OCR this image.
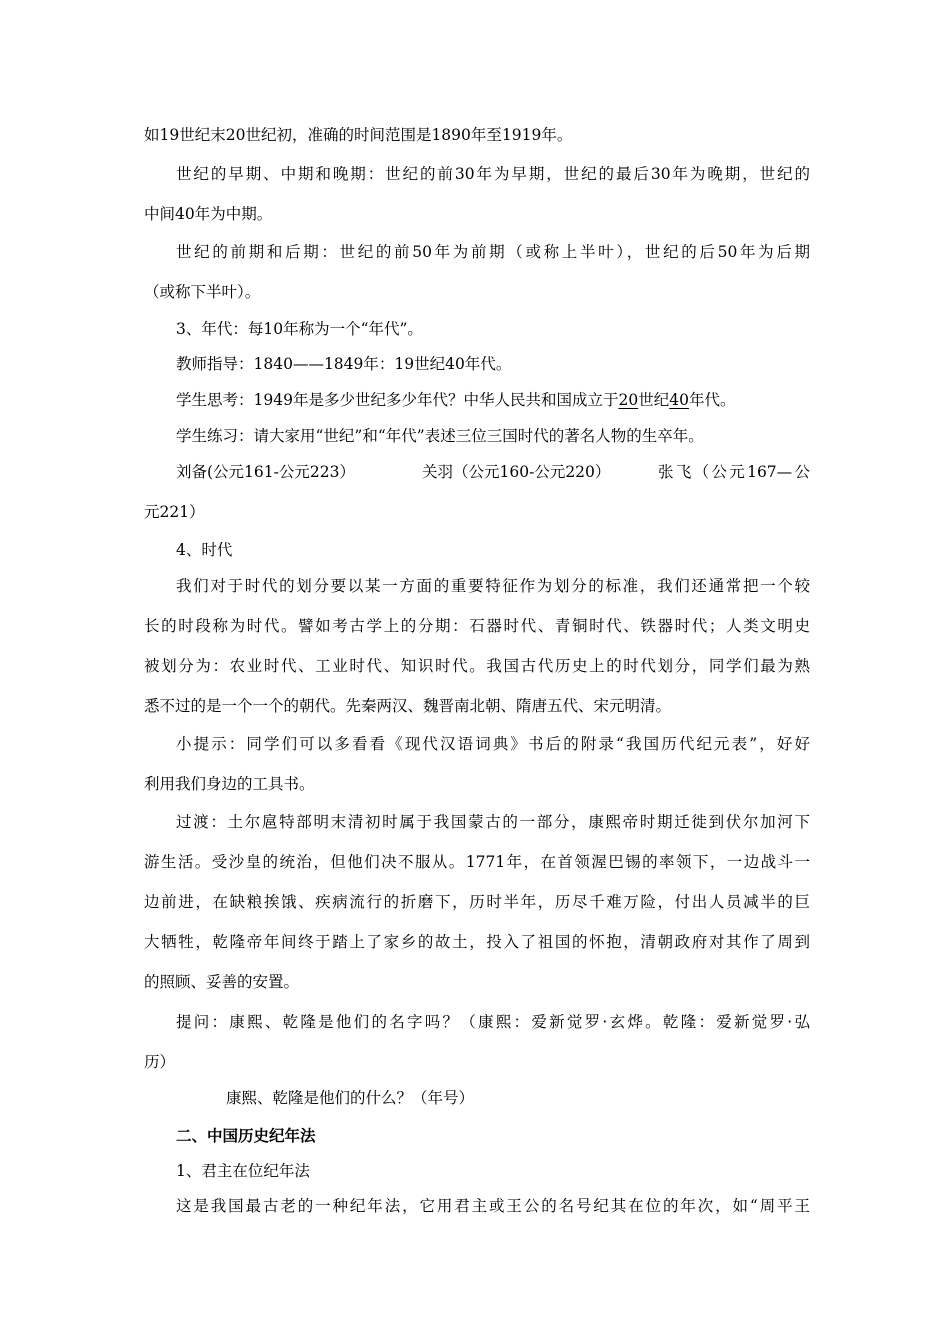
如19世纪末20世纪初，准确的时间范围是1890年至1919年。
世纪的早期、中期和晚期：世纪的前30年为早期，世纪的最后30年为晚期，世纪的
中间40年为中期。
世纪的前期和后期：世纪的前50年为前期（或称上半叶），世纪的后50年为后期
（或称下半叶）。
3、年代：每10年称为一个“年代”。
教师指导：1840——1849年：19世纪40年代。
学生思考：1949年是多少世纪多少年代？中华人民共和国成立于20世纪40年代。
学生练习：请大家用“世纪”和“年代”表述三位三国时代的著名人物的生卒年。
刘备(公元161-公元223）	关羽（公元160-公元220）	张飞（公元167—公
元221）
4、时代
我们对于时代的划分要以某一方面的重要特征作为划分的标准，我们还通常把一个较
长的时段称为时代。譬如考古学上的分期：石器时代、青铜时代、铁器时代；人类文明史
被划分为：农业时代、工业时代、知识时代。我国古代历史上的时代划分，同学们最为熟
悉不过的是一个一个的朝代。先秦两汉、魏晋南北朝、隋唐五代、宋元明清。
小提示：同学们可以多看看《现代汉语词典》书后的附录“我国历代纪元表”，好好
利用我们身边的工具书。
过渡：土尔扈特部明末清初时属于我国蒙古的一部分，康熙帝时期迁徙到伏尔加河下
游生活。受沙皇的统治，但他们决不服从。1771年，在首领渥巴锡的率领下，一边战斗一
边前进，在缺粮挨饿、疾病流行的折磨下，历时半年，历尽千难万险，付出人员减半的巨
大牺牲，乾隆帝年间终于踏上了家乡的故土，投入了祖国的怀抱，清朝政府对其作了周到
的照顾、妥善的安置。
提问：康熙、乾隆是他们的名字吗？（康熙：爱新觉罗·玄烨。乾隆：爱新觉罗·弘
历）
康熙、乾隆是他们的什么？（年号）
二、中国历史纪年法
1、君主在位纪年法
这是我国最古老的一种纪年法，它用君主或王公的名号纪其在位的年次，如“周平王
